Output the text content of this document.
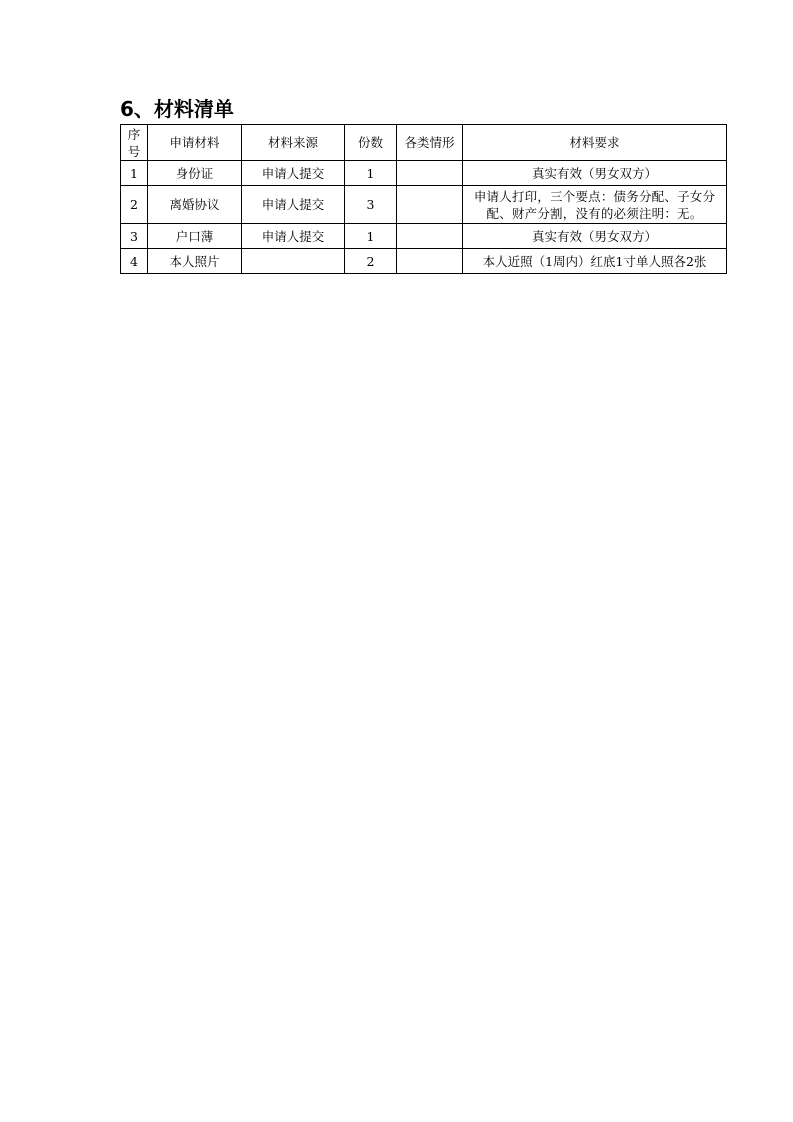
6、材料清单
序号	申请材料	材料来源	份数	各类情形	材料要求
1	身份证	申请人提交	1		真实有效（男女双方）
2	离婚协议	申请人提交	3		申请人打印，三个要点：债务分配、子女分配、财产分割，没有的必须注明：无。
3	户口薄	申请人提交	1		真实有效（男女双方）
4	本人照片		2		本人近照（1周内）红底1寸单人照各2张
